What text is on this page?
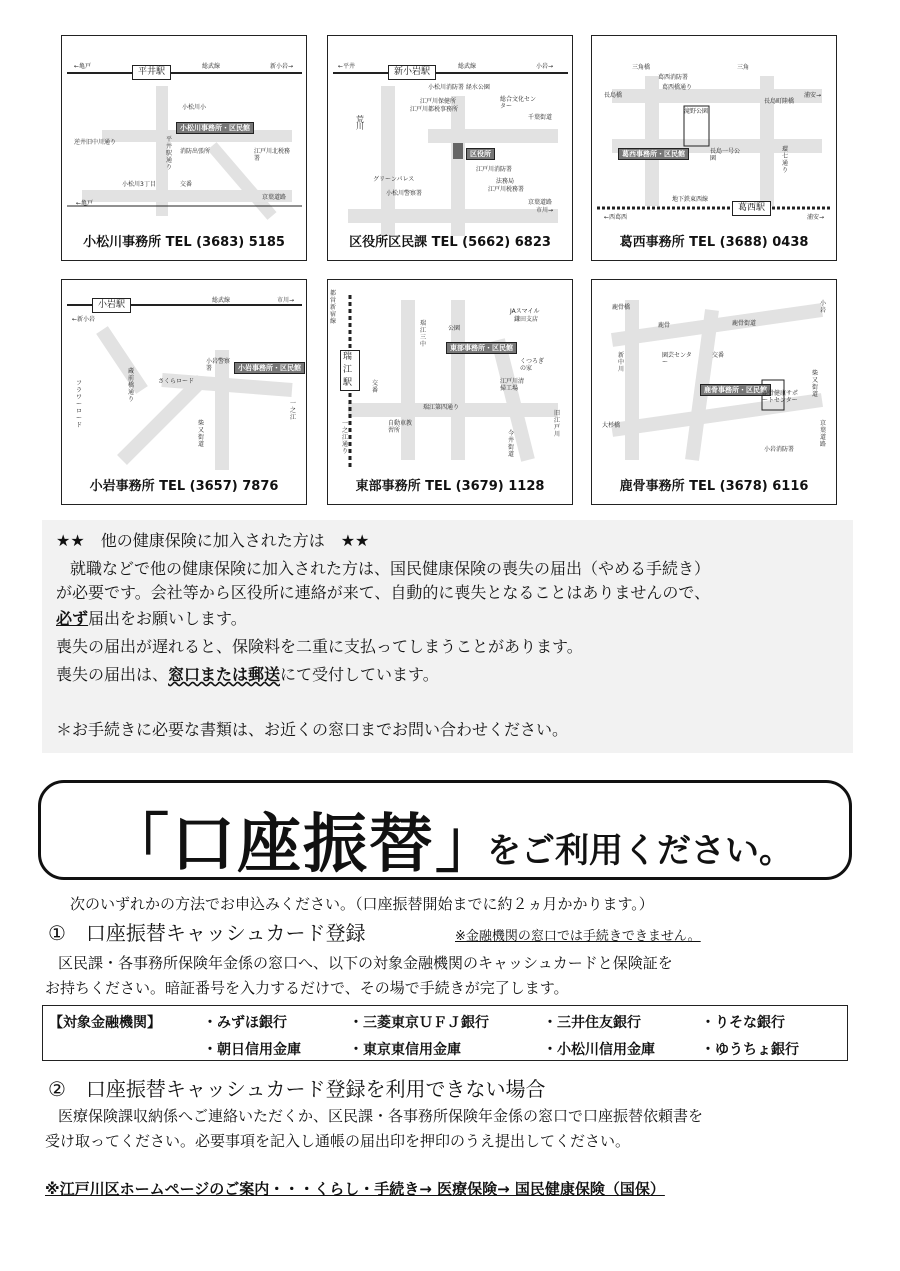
←亀戸
平井駅
総武線	新小岩→
小松川小
逆井旧中川通り	平井駅通り
小松川事務所・区民館
消防出張所	江戸川北税務署
小松川3丁目	交番
京葉道路
←亀戸
小松川事務所 TEL (3683) 5185
←平井
新小岩駅
総武線	小岩→
小松川消防署 経水公園
江戸川保健所
江戸川都税事務所
総合文化センター
千葉街道
荒川
区役所
江戸川消防署
法務局
江戸川税務署
グリーンパレス
小松川警察署
京葉道路
市川→
区役所区民課 TEL (5662) 6823
三角橋	三角
葛西消防署
葛西橋通り
長島橋
長島町陸橋
浦安→
滝野公園
葛西事務所・区民館	長島一号公園
環七通り
地下鉄東西線
葛西駅
←西葛西	浦安→
葛西事務所 TEL (3688) 0438
小岩駅
←新小岩
総武線	市川→
小岩警察署	小岩事務所・区民館
蔵前橋通り
フラワーロード
さくらロード
柴又街道
一之江
小岩事務所 TEL (3657) 7876
瑞江駅
都営新宿線
公園
JAスマイル
鎌田支店
瑞江三中	東部事務所・区民館
くつろぎの家
江戸川清掃工場
交番
瑞江第四通り
旧江戸川
今井街道
自動車教習所
一之江通り
東部事務所 TEL (3679) 1128
鹿骨橋
鹿骨	鹿骨街道
小岩
新中川
園芸センター
交番
鹿骨事務所・区民館
鹿骨健康サポートセンター
柴又街道
京葉道路
大杉橋
小岩消防署
鹿骨事務所 TEL (3678) 6116

★★　他の健康保険に加入された方は　★★

就職などで他の健康保険に加入された方は、国民健康保険の喪失の届出（やめる手続き）

が必要です。会社等から区役所に連絡が来て、自動的に喪失となることはありませんので、

必ず届出をお願いします。

喪失の届出が遅れると、保険料を二重に支払ってしまうことがあります。

喪失の届出は、窓口または郵送にて受付しています。

＊お手続きに必要な書類は、お近くの窓口までお問い合わせください。

「口座振替」
をご利用ください。
次のいずれかの方法でお申込みください。（口座振替開始までに約２ヵ月かかります。）
①　口座振替キャッシュカード登録	※金融機関の窓口では手続きできません。
区民課・各事務所保険年金係の窓口へ、以下の対象金融機関のキャッシュカードと保険証を
お持ちください。暗証番号を入力するだけで、その場で手続きが完了します。
【対象金融機関】	・みずほ銀行	・三菱東京ＵＦＪ銀行	・三井住友銀行	・りそな銀行
・朝日信用金庫	・東京東信用金庫	・小松川信用金庫	・ゆうちょ銀行
②　口座振替キャッシュカード登録を利用できない場合
医療保険課収納係へご連絡いただくか、区民課・各事務所保険年金係の窓口で口座振替依頼書を
受け取ってください。必要事項を記入し通帳の届出印を押印のうえ提出してください。
※江戸川区ホームページのご案内・・・くらし・手続き→ 医療保険→ 国民健康保険（国保）
